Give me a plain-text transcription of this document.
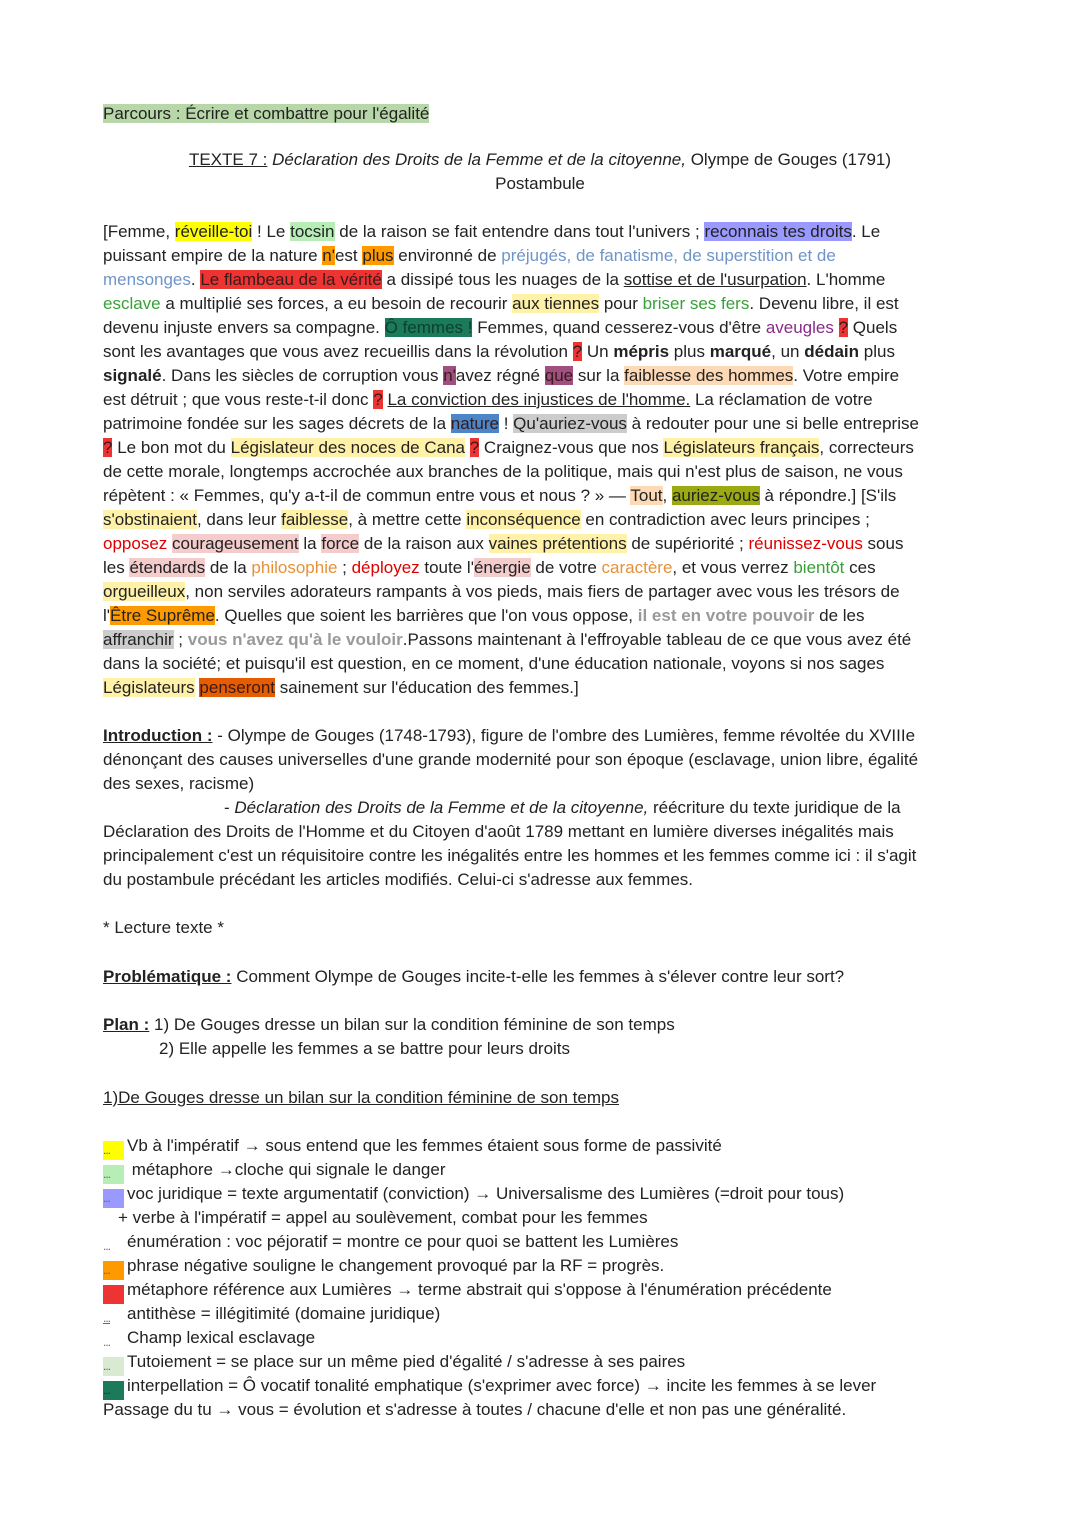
Parcours : Écrire et combattre pour l'égalité
TEXTE 7 : Déclaration des Droits de la Femme et de la citoyenne, Olympe de Gouges (1791)
Postambule
[Femme, réveille-toi ! Le tocsin de la raison se fait entendre dans tout l'univers ; reconnais tes droits. Le
puissant empire de la nature n'est plus environné de préjugés, de fanatisme, de superstition et de
mensonges. Le flambeau de la vérité a dissipé tous les nuages de la sottise et de l'usurpation. L'homme
esclave a multiplié ses forces, a eu besoin de recourir aux tiennes pour briser ses fers. Devenu libre, il est
devenu injuste envers sa compagne. Ô femmes ! Femmes, quand cesserez-vous d'être aveugles ? Quels
sont les avantages que vous avez recueillis dans la révolution ? Un mépris plus marqué, un dédain plus
signalé. Dans les siècles de corruption vous n'avez régné que sur la faiblesse des hommes. Votre empire
est détruit ; que vous reste-t-il donc ? La conviction des injustices de l'homme. La réclamation de votre
patrimoine fondée sur les sages décrets de la nature ! Qu'auriez-vous à redouter pour une si belle entreprise
? Le bon mot du Législateur des noces de Cana ? Craignez-vous que nos Législateurs français, correcteurs
de cette morale, longtemps accrochée aux branches de la politique, mais qui n'est plus de saison, ne vous
répètent : « Femmes, qu'y a-t-il de commun entre vous et nous ? » — Tout, auriez-vous à répondre.] [S'ils
s'obstinaient, dans leur faiblesse, à mettre cette inconséquence en contradiction avec leurs principes ;
opposez courageusement la force de la raison aux vaines prétentions de supériorité ; réunissez-vous sous
les étendards de la philosophie ; déployez toute l'énergie de votre caractère, et vous verrez bientôt ces
orgueilleux, non serviles adorateurs rampants à vos pieds, mais fiers de partager avec vous les trésors de
l'Être Suprême. Quelles que soient les barrières que l'on vous oppose, il est en votre pouvoir de les
affranchir ; vous n'avez qu'à le vouloir.Passons maintenant à l'effroyable tableau de ce que vous avez été
dans la société; et puisqu'il est question, en ce moment, d'une éducation nationale, voyons si nos sages
Législateurs penseront sainement sur l'éducation des femmes.]
Introduction : - Olympe de Gouges (1748-1793), figure de l'ombre des Lumières, femme révoltée du XVIIIe
dénonçant des causes universelles d'une grande modernité pour son époque (esclavage, union libre, égalité
des sexes, racisme)
- Déclaration des Droits de la Femme et de la citoyenne, réécriture du texte juridique de la
Déclaration des Droits de l'Homme et du Citoyen d'août 1789 mettant en lumière diverses inégalités mais
principalement c'est un réquisitoire contre les inégalités entre les hommes et les femmes comme ici : il s'agit
du postambule précédant les articles modifiés. Celui-ci s'adresse aux femmes.
* Lecture texte *
Problématique : Comment Olympe de Gouges incite-t-elle les femmes à s'élever contre leur sort?
Plan : 1) De Gouges dresse un bilan sur la condition féminine de son temps
2) Elle appelle les femmes a se battre pour leurs droits
1)De Gouges dresse un bilan sur la condition féminine de son temps
... Vb à l'impératif → sous entend que les femmes étaient sous forme de passivité
... métaphore →cloche qui signale le danger
... voc juridique = texte argumentatif (conviction) → Universalisme des Lumières (=droit pour tous)
+ verbe à l'impératif = appel au soulèvement, combat pour les femmes
... énumération : voc péjoratif = montre ce pour quoi se battent les Lumières
... phrase négative souligne le changement provoqué par la RF = progrès.
... métaphore référence aux Lumières → terme abstrait qui s'oppose à l'énumération précédente
... antithèse = illégitimité (domaine juridique)
... Champ lexical esclavage
... Tutoiement = se place sur un même pied d'égalité / s'adresse à ses paires
... interpellation = Ô vocatif tonalité emphatique (s'exprimer avec force) → incite les femmes à se lever
Passage du tu → vous = évolution et s'adresse à toutes / chacune d'elle et non pas une généralité.
